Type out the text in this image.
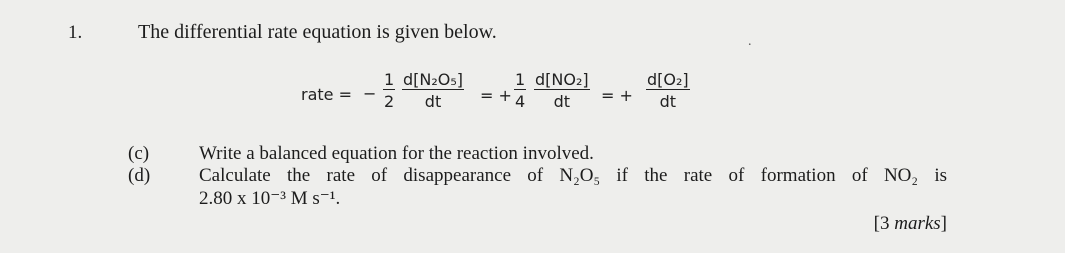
1.	The differential rate equation is given below.	.
rate = − $\frac{1}{2} \frac{\text{d[N₂O₅]}}{dt}$ = + $\frac{1}{4} \frac{\text{d[NO₂]}}{dt}$ = + $\frac{\text{d[O₂]}}{dt}$
(c)	Write a balanced equation for the reaction involved.
(d)	Calculate the rate of disappearance of N₂O₅ if the rate of formation of NO₂ is
2.80 x 10⁻³ M s⁻¹.
[3 marks]
